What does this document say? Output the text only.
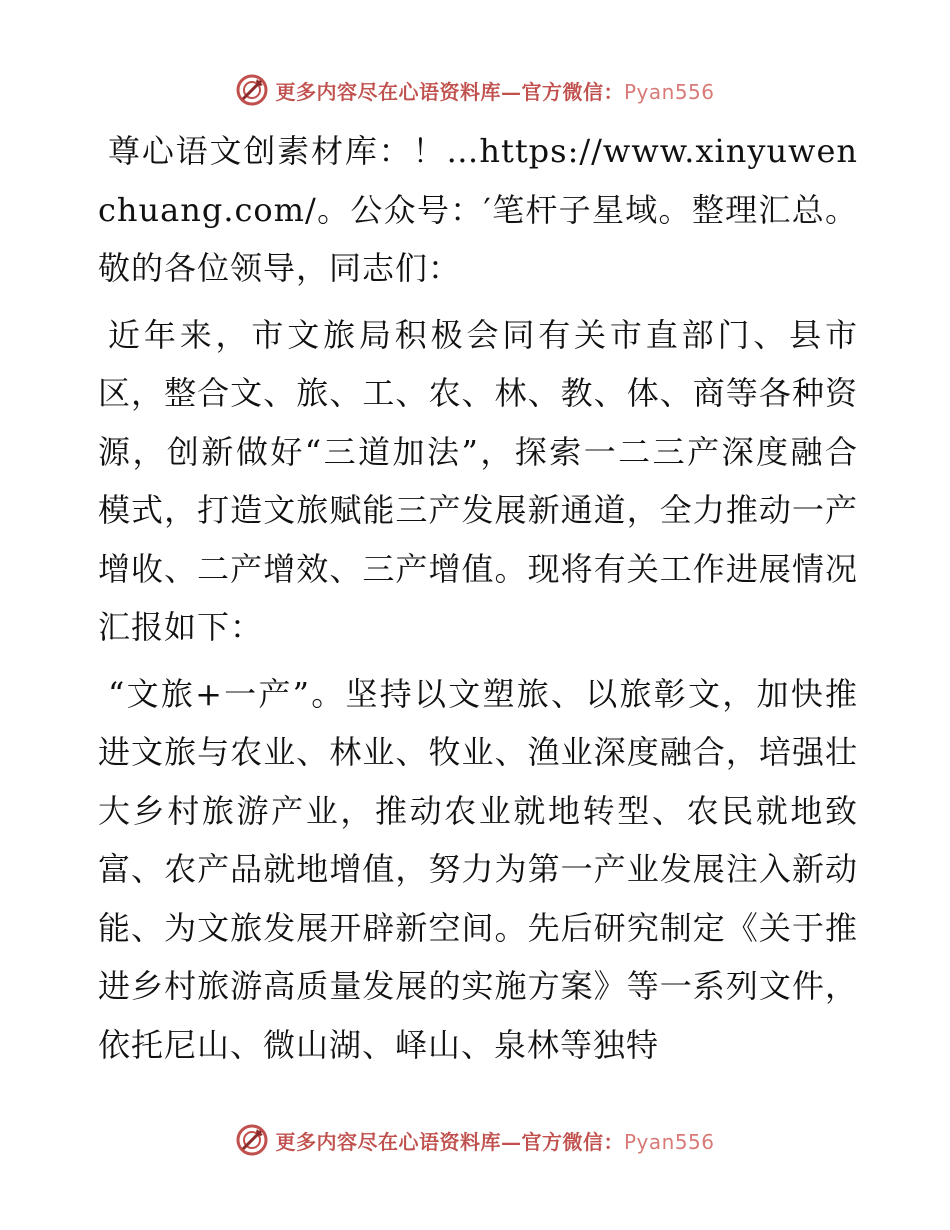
更多内容尽在心语资料库—官方微信：Pyan556

尊心语文创素材库：！…https://www.xinyuwenchuang.com/。公众号：′笔杆子星域。整理汇总。敬的各位领导，同志们：

近年来，市文旅局积极会同有关市直部门、县市区，整合文、旅、工、农、林、教、体、商等各种资源，创新做好“三道加法”，探索一二三产深度融合模式，打造文旅赋能三产发展新通道，全力推动一产增收、二产增效、三产增值。现将有关工作进展情况汇报如下：

“文旅+一产”。坚持以文塑旅、以旅彰文，加快推进文旅与农业、林业、牧业、渔业深度融合，培强壮大乡村旅游产业，推动农业就地转型、农民就地致富、农产品就地增值，努力为第一产业发展注入新动能、为文旅发展开辟新空间。先后研究制定《关于推进乡村旅游高质量发展的实施方案》等一系列文件，依托尼山、微山湖、峄山、泉林等独特

更多内容尽在心语资料库—官方微信：Pyan556
